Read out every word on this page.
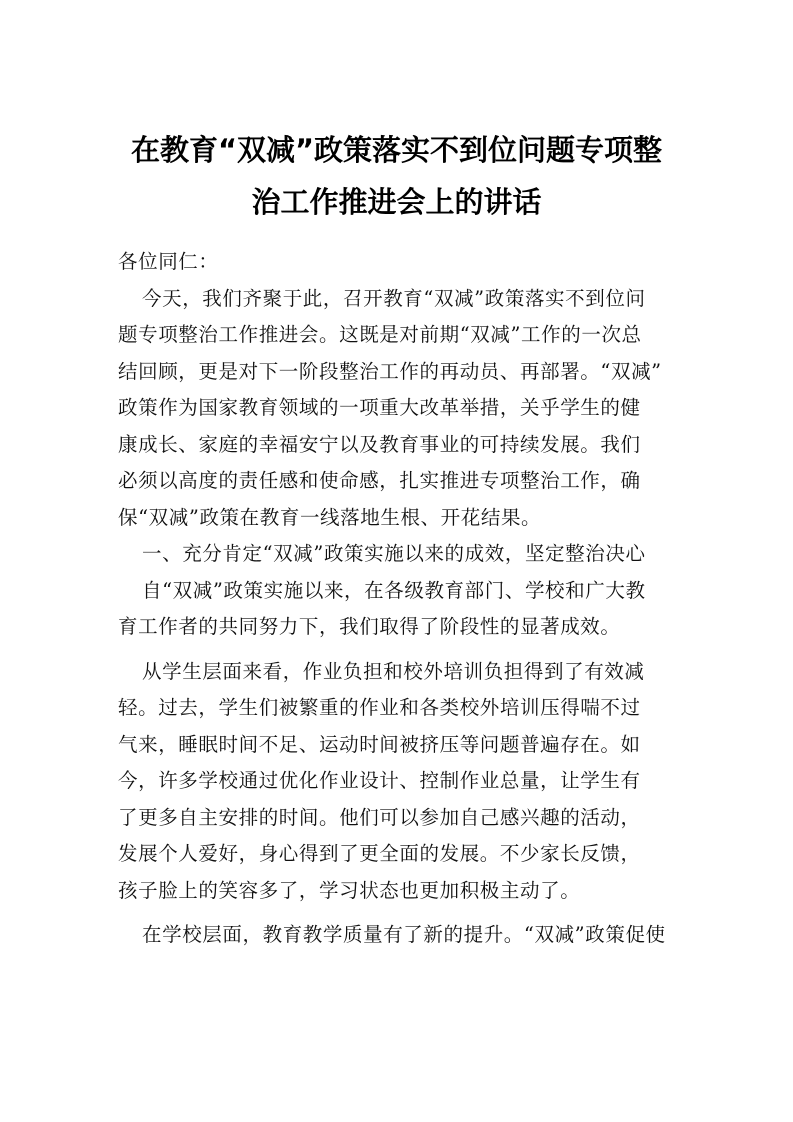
在教育“双减”政策落实不到位问题专项整
治工作推进会上的讲话
各位同仁：
今天，我们齐聚于此，召开教育“双减”政策落实不到位问
题专项整治工作推进会。这既是对前期“双减”工作的一次总
结回顾，更是对下一阶段整治工作的再动员、再部署。“双减”
政策作为国家教育领域的一项重大改革举措，关乎学生的健
康成长、家庭的幸福安宁以及教育事业的可持续发展。我们
必须以高度的责任感和使命感，扎实推进专项整治工作，确
保“双减”政策在教育一线落地生根、开花结果。
一、充分肯定“双减”政策实施以来的成效，坚定整治决心
自“双减”政策实施以来，在各级教育部门、学校和广大教
育工作者的共同努力下，我们取得了阶段性的显著成效。
从学生层面来看，作业负担和校外培训负担得到了有效减
轻。过去，学生们被繁重的作业和各类校外培训压得喘不过
气来，睡眠时间不足、运动时间被挤压等问题普遍存在。如
今，许多学校通过优化作业设计、控制作业总量，让学生有
了更多自主安排的时间。他们可以参加自己感兴趣的活动，
发展个人爱好，身心得到了更全面的发展。不少家长反馈，
孩子脸上的笑容多了，学习状态也更加积极主动了。
在学校层面，教育教学质量有了新的提升。“双减”政策促使
